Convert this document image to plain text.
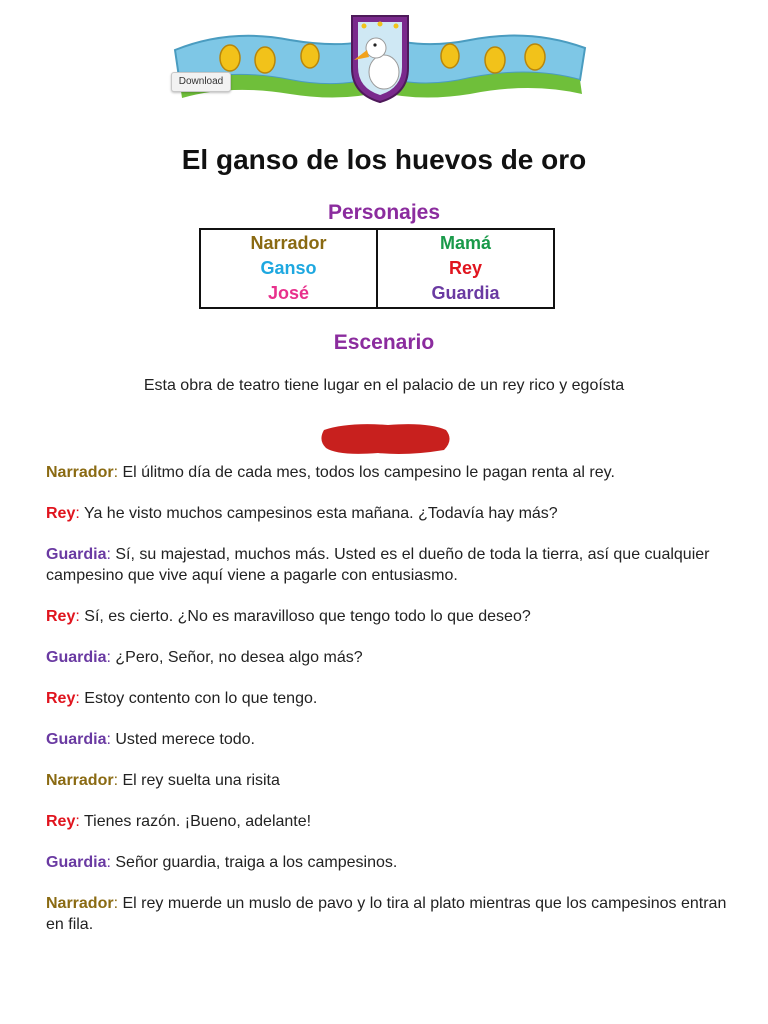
Download
El ganso de los huevos de oro
Personajes
Narrador
Ganso
José
Mamá
Rey
Guardia
Escenario
Esta obra de teatro tiene lugar en el palacio de un rey rico y egoísta
Narrador: El úlitmo día de cada mes, todos los campesino le pagan renta al rey.
Rey: Ya he visto muchos campesinos esta mañana. ¿Todavía hay más?
Guardia: Sí, su majestad, muchos más. Usted es el dueño de toda la tierra, así que cualquier campesino que vive aquí viene a pagarle con entusiasmo.
Rey: Sí, es cierto. ¿No es maravilloso que tengo todo lo que deseo?
Guardia: ¿Pero, Señor, no desea algo más?
Rey: Estoy contento con lo que tengo.
Guardia: Usted merece todo.
Narrador: El rey suelta una risita
Rey: Tienes razón. ¡Bueno, adelante!
Guardia: Señor guardia, traiga a los campesinos.
Narrador: El rey muerde un muslo de pavo y lo tira al plato mientras que los campesinos entran en fila.
